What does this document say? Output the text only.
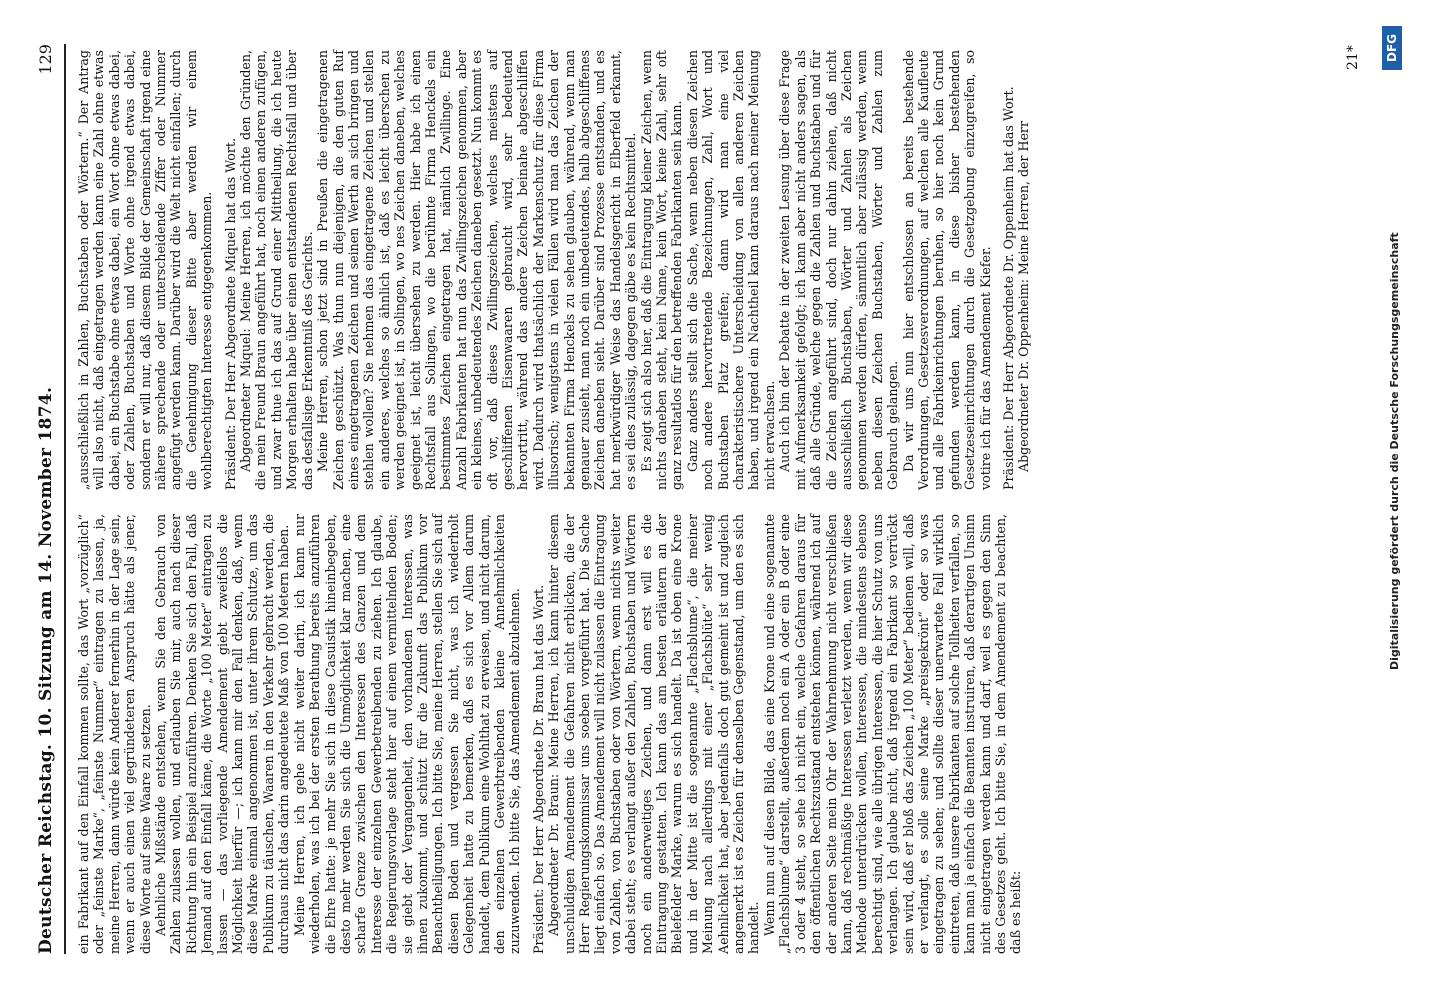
Deutscher Reichstag. 10. Sitzung am 14. November 1874.
129

ein Fabrikant auf den Einfall kommen sollte, das Wort „vorzüglich“ oder „feinste Marke“, „feinste Nummer“ eintragen zu lassen, ja, meine Herren, dann würde kein Anderer fernerhin in der Lage sein, wenn er auch einen viel gegründeteren Anspruch hätte als jener, diese Worte auf seine Waare zu setzen. Aehnliche Mißstände entstehen, wenn Sie den Gebrauch von Zahlen zulassen wollen, und erlauben Sie mir, auch nach dieser Richtung hin ein Beispiel anzuführen. Denken Sie sich den Fall, daß Jemand auf den Einfall käme, die Worte „100 Meter“ eintragen zu lassen — das vorliegende Amendement giebt zweifellos die Möglichkeit hierfür —; ich kann mir den Fall denken, daß, wenn diese Marke einmal angenommen ist, unter ihrem Schutze, um das Publikum zu täuschen, Waaren in den Verkehr gebracht werden, die durchaus nicht das darin angedeutete Maß von 100 Metern haben. Meine Herren, ich gehe nicht weiter darin, ich kann nur wiederholen, was ich bei der ersten Berathung bereits anzuführen die Ehre hatte: je mehr Sie sich in diese Casuistik hineinbegeben, desto mehr werden Sie sich die Unmöglichkeit klar machen, eine scharfe Grenze zwischen den Interessen des Ganzen und dem Interesse der einzelnen Gewerbetreibenden zu ziehen. Ich glaube, die Regierungsvorlage steht hier auf einem vermittelnden Boden; sie giebt der Vergangenheit, den vorhandenen Interessen, was ihnen zukommt, und schützt für die Zukunft das Publikum vor Benachtheiligungen. Ich bitte Sie, meine Herren, stellen Sie sich auf diesen Boden und vergessen Sie nicht, was ich wiederholt Gelegenheit hatte zu bemerken, daß es sich vor Allem darum handelt, dem Publikum eine Wohlthat zu erweisen, und nicht darum, den einzelnen Gewerbtreibenden kleine Annehmlichkeiten zuzuwenden. Ich bitte Sie, das Amendement abzulehnen. Präsident: Der Herr Abgeordnete Dr. Braun hat das Wort. Abgeordneter Dr. Braun: Meine Herren, ich kann hinter diesem unschuldigen Amendement die Gefahren nicht erblicken, die der Herr Regierungskommissar uns soeben vorgeführt hat. Die Sache liegt einfach so. Das Amendement will nicht zulassen die Eintragung von Zahlen, von Buchstaben oder von Wörtern, wenn nichts weiter dabei steht; es verlangt außer den Zahlen, Buchstaben und Wörtern noch ein anderweitiges Zeichen, und dann erst will es die Eintragung gestatten. Ich kann das am besten erläutern an der Bielefelder Marke, warum es sich handelt. Da ist oben eine Krone und in der Mitte ist die sogenannte „Flachsblume“, die meiner Meinung nach allerdings mit einer „Flachsblüte“ sehr wenig Aehnlichkeit hat, aber jedenfalls doch gut gemeint ist und zugleich angemerkt ist es Zeichen für denselben Gegenstand, um den es sich handelt. Wenn nun auf diesen Bilde, das eine Krone und eine sogenannte „Flachsblume“ darstellt, außerdem noch ein A oder ein B oder eine 3 oder 4 steht, so sehe ich nicht ein, welche Gefahren daraus für den öffentlichen Rechtszustand entstehen können, während ich auf der anderen Seite mein Ohr der Wahrnehmung nicht verschließen kann, daß rechtmäßige Interessen verletzt werden, wenn wir diese Methode unterdrücken wollen, Interessen, die mindestens ebenso berechtigt sind, wie alle übrigen Interessen, die hier Schutz von uns verlangen. Ich glaube nicht, daß irgend ein Fabrikant so verrückt sein wird, daß er bloß das Zeichen „100 Meter“ bedienen will, daß er verlangt, es solle seine Marke „preisgekrönt“ oder so was eingetragen zu sehen; und sollte dieser unerwartete Fall wirklich eintreten, daß unsere Fabrikanten auf solche Tollheiten verfallen, so kann man ja einfach die Beamten instruiren, daß derartigen Unsinn nicht eingetragen werden kann und darf, weil es gegen den Sinn des Gesetzes geht. Ich bitte Sie, in dem Amendement zu beachten, daß es heißt:

„ausschließlich in Zahlen, Buchstaben oder Wörtern.“ Der Antrag will also nicht, daß eingetragen werden kann eine Zahl ohne etwas dabei, ein Buchstabe ohne etwas dabei, ein Wort ohne etwas dabei, oder Zahlen, Buchstaben und Worte ohne irgend etwas dabei, sondern er will nur, daß diesem Bilde der Gemeinschaft irgend eine nähere sprechende oder unterscheidende Ziffer oder Nummer angefügt werden kann. Darüber wird die Welt nicht einfallen; durch die Genehmigung dieser Bitte aber werden wir einem wohlberechtigten Interesse entgegenkommen. Präsident: Der Herr Abgeordnete Miquel hat das Wort. Abgeordneter Miquel: Meine Herren, ich möchte den Gründen, die mein Freund Braun angeführt hat, noch einen anderen zufügen, und zwar thue ich das auf Grund einer Mittheilung, die ich heute Morgen erhalten habe über einen entstandenen Rechtsfall und über das desfallsige Erkenntniß des Gerichts. Meine Herren, schon jetzt sind in Preußen die eingetragenen Zeichen geschützt. Was thun nun diejenigen, die den guten Ruf eines eingetragenen Zeichen und seinen Werth an sich bringen und stehlen wollen? Sie nehmen das eingetragene Zeichen und stellen ein anderes, welches so ähnlich ist, daß es leicht überschen zu werden geeignet ist, in Solingen, wo nes Zeichen daneben, welches geeignet ist, leicht übersehen zu werden. Hier habe ich einen Rechtsfall aus Solingen, wo die berühmte Firma Henckels ein bestimmtes Zeichen eingetragen hat, nämlich Zwillinge. Eine Anzahl Fabrikanten hat nun das Zwillingszeichen genommen, aber ein kleines, unbedeutendes Zeichen daneben gesetzt. Nun kommt es oft vor, daß dieses Zwillingszeichen, welches meistens auf geschliffenen Eisenwaaren gebraucht wird, sehr bedeutend hervortritt, während das andere Zeichen beinahe abgeschliffen wird. Dadurch wird thatsächlich der Markenschutz für diese Firma illusorisch; wenigstens in vielen Fällen wird man das Zeichen der bekannten Firma Henckels zu sehen glauben, während, wenn man genauer zusieht, man noch ein unbedeutendes, halb abgeschliffenes Zeichen daneben sieht. Darüber sind Prozesse entstanden, und es hat merkwürdiger Weise das Handelsgericht in Elberfeld erkannt, es sei dies zulässig, dagegen gäbe es kein Rechtsmittel. Es zeigt sich also hier, daß die Eintragung kleiner Zeichen, wenn nichts daneben steht, kein Name, kein Wort, keine Zahl, sehr oft ganz resultatlos für den betreffenden Fabrikanten sein kann. Ganz anders stellt sich die Sache, wenn neben diesen Zeichen noch andere hervortretende Bezeichnungen, Zahl, Wort und Buchstaben Platz greifen; dann wird man eine viel charakteristischere Unterscheidung von allen anderen Zeichen haben, und irgend ein Nachtheil kann daraus nach meiner Meinung nicht erwachsen. Auch ich bin der Debatte in der zweiten Lesung über diese Frage mit Aufmerksamkeit gefolgt; ich kann aber nicht anders sagen, als daß alle Gründe, welche gegen die Zahlen und Buchstaben und für die Zeichen angeführt sind, doch nur dahin ziehen, daß nicht ausschließlich Buchstaben, Wörter und Zahlen als Zeichen genommen werden dürfen, sämmtlich aber zulässig werden, wenn neben diesen Zeichen Buchstaben, Wörter und Zahlen zum Gebrauch gelangen. Da wir uns nun hier entschlossen an bereits bestehende Verordnungen, Gesetzesverordnungen, auf welchen alle Kaufleute und alle Fabrikeinrichtungen beruhen, so hier noch kein Grund gefunden werden kann, in diese bisher bestehenden Gesetzeseinrichtungen durch die Gesetzgebung einzugreifen, so votire ich für das Amendement Kiefer. Präsident: Der Herr Abgeordnete Dr. Oppenheim hat das Wort. Abgeordneter Dr. Oppenheim: Meine Herren, der Herr

21*
Digitalisierung gefördert durch die Deutsche Forschungsgemeinschaft
DFG
